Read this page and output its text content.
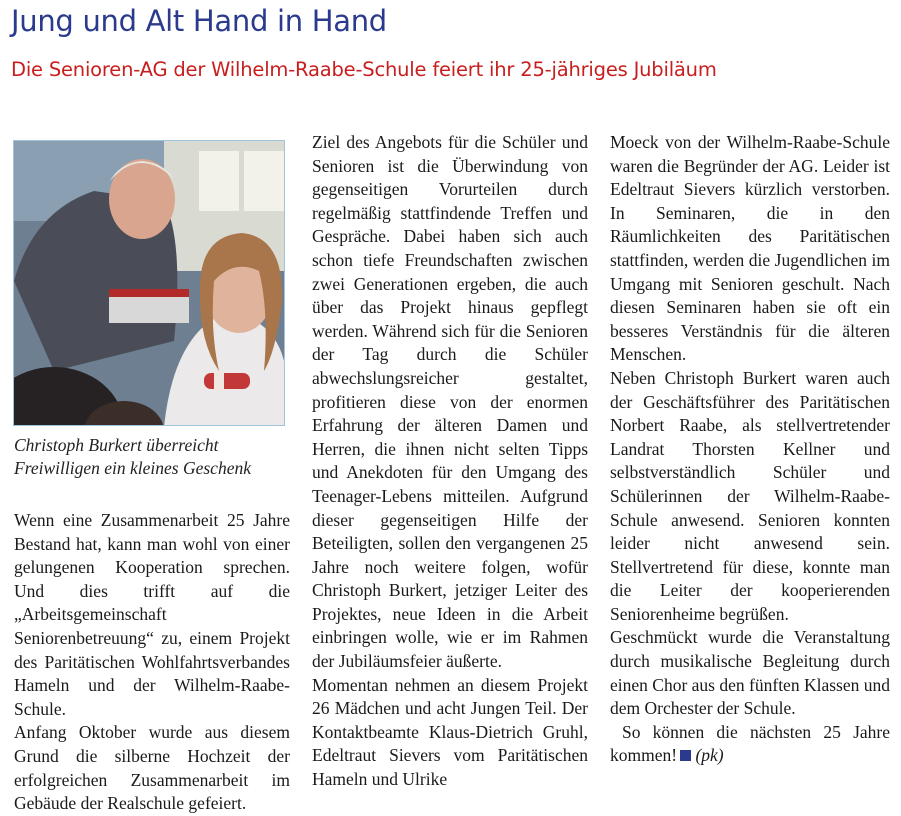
Jung und Alt Hand in Hand
Die Senioren-AG der Wilhelm-Raabe-Schule feiert ihr 25-jähriges Jubiläum
Christoph Burkert überreicht Freiwilligen ein kleines Geschenk

Wenn eine Zusammenarbeit 25 Jahre Bestand hat, kann man wohl von einer gelungenen Kooperation sprechen. Und dies trifft auf die „Arbeitsgemeinschaft Seniorenbetreuung“ zu, einem Projekt des Paritätischen Wohlfahrtsverbandes Hameln und der Wilhelm-Raabe-Schule.

Anfang Oktober wurde aus diesem Grund die silberne Hochzeit der erfolgreichen Zusammenarbeit im Gebäude der Realschule gefeiert.

Ziel des Angebots für die Schüler und Senioren ist die Überwindung von gegenseitigen Vorurteilen durch regelmäßig stattfindende Treffen und Gespräche. Dabei haben sich auch schon tiefe Freundschaften zwischen zwei Generationen ergeben, die auch über das Projekt hinaus gepflegt werden. Während sich für die Senioren der Tag durch die Schüler abwechslungsreicher gestaltet, profitieren diese von der enormen Erfahrung der älteren Damen und Herren, die ihnen nicht selten Tipps und Anekdoten für den Umgang des Teenager-Lebens mitteilen. Aufgrund dieser gegenseitigen Hilfe der Beteiligten, sollen den vergangenen 25 Jahre noch weitere folgen, wofür Christoph Burkert, jetziger Leiter des Projektes, neue Ideen in die Arbeit einbringen wolle, wie er im Rahmen der Jubiläumsfeier äußerte.

Momentan nehmen an diesem Projekt 26 Mädchen und acht Jungen Teil. Der Kontaktbeamte Klaus-Dietrich Gruhl, Edeltraut Sievers vom Paritätischen Hameln und Ulrike

Moeck von der Wilhelm-Raabe-Schule waren die Begründer der AG. Leider ist Edeltraut Sievers kürzlich verstorben. In Seminaren, die in den Räumlichkeiten des Paritätischen stattfinden, werden die Jugendlichen im Umgang mit Senioren geschult. Nach diesen Seminaren haben sie oft ein besseres Verständnis für die älteren Menschen.

Neben Christoph Burkert waren auch der Geschäftsführer des Paritätischen Norbert Raabe, als stellvertretender Landrat Thorsten Kellner und selbstverständlich Schüler und Schülerinnen der Wilhelm-Raabe-Schule anwesend. Senioren konnten leider nicht anwesend sein. Stellvertretend für diese, konnte man die Leiter der kooperierenden Seniorenheime begrüßen.

Geschmückt wurde die Veranstaltung durch musikalische Begleitung durch einen Chor aus den fünften Klassen und dem Orchester der Schule.

So können die nächsten 25 Jahre kommen! (pk)
